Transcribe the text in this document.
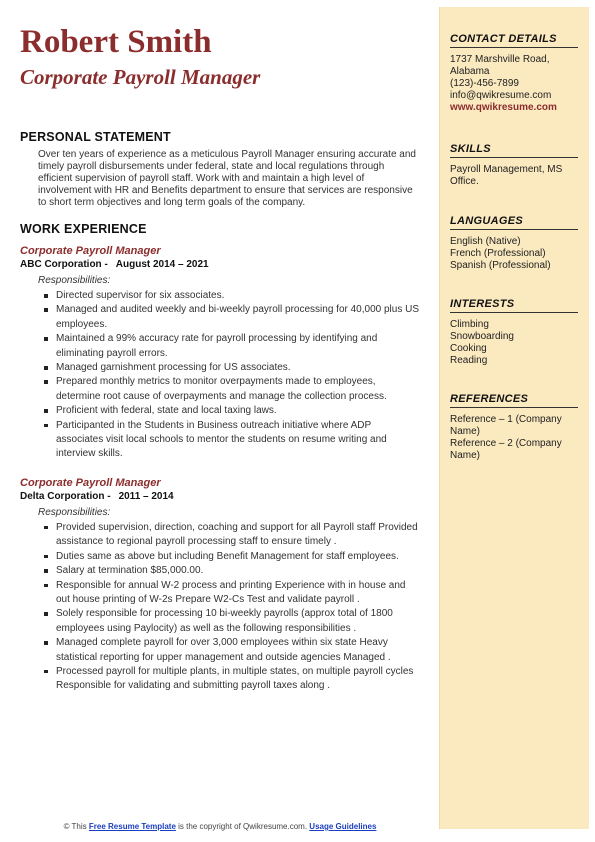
Robert Smith
Corporate Payroll Manager
PERSONAL STATEMENT

Over ten years of experience as a meticulous Payroll Manager ensuring accurate and timely payroll disbursements under federal, state and local regulations through efficient supervision of payroll staff. Work with and maintain a high level of involvement with HR and Benefits department to ensure that services are responsive to short term objectives and long term goals of the company.

WORK EXPERIENCE
Corporate Payroll Manager
ABC Corporation - August 2014 – 2021
Responsibilities:
Directed supervisor for six associates.
Managed and audited weekly and bi-weekly payroll processing for 40,000 plus US employees.
Maintained a 99% accuracy rate for payroll processing by identifying and eliminating payroll errors.
Managed garnishment processing for US associates.
Prepared monthly metrics to monitor overpayments made to employees, determine root cause of overpayments and manage the collection process.
Proficient with federal, state and local taxing laws.
Participanted in the Students in Business outreach initiative where ADP associates visit local schools to mentor the students on resume writing and interview skills.
Corporate Payroll Manager
Delta Corporation - 2011 – 2014
Responsibilities:
Provided supervision, direction, coaching and support for all Payroll staff Provided assistance to regional payroll processing staff to ensure timely .
Duties same as above but including Benefit Management for staff employees.
Salary at termination $85,000.00.
Responsible for annual W-2 process and printing Experience with in house and out house printing of W-2s Prepare W2-Cs Test and validate payroll .
Solely responsible for processing 10 bi-weekly payrolls (approx total of 1800 employees using Paylocity) as well as the following responsibilities .
Managed complete payroll for over 3,000 employees within six state Heavy statistical reporting for upper management and outside agencies Managed .
Processed payroll for multiple plants, in multiple states, on multiple payroll cycles Responsible for validating and submitting payroll taxes along .
CONTACT DETAILS
1737 Marshville Road, Alabama
(123)-456-7899
info@qwikresume.com
www.qwikresume.com
SKILLS
Payroll Management, MS Office.
LANGUAGES
English (Native)
French (Professional)
Spanish (Professional)
INTERESTS
Climbing
Snowboarding
Cooking
Reading
REFERENCES
Reference – 1 (Company Name)
Reference – 2 (Company Name)
© This Free Resume Template is the copyright of Qwikresume.com. Usage Guidelines
